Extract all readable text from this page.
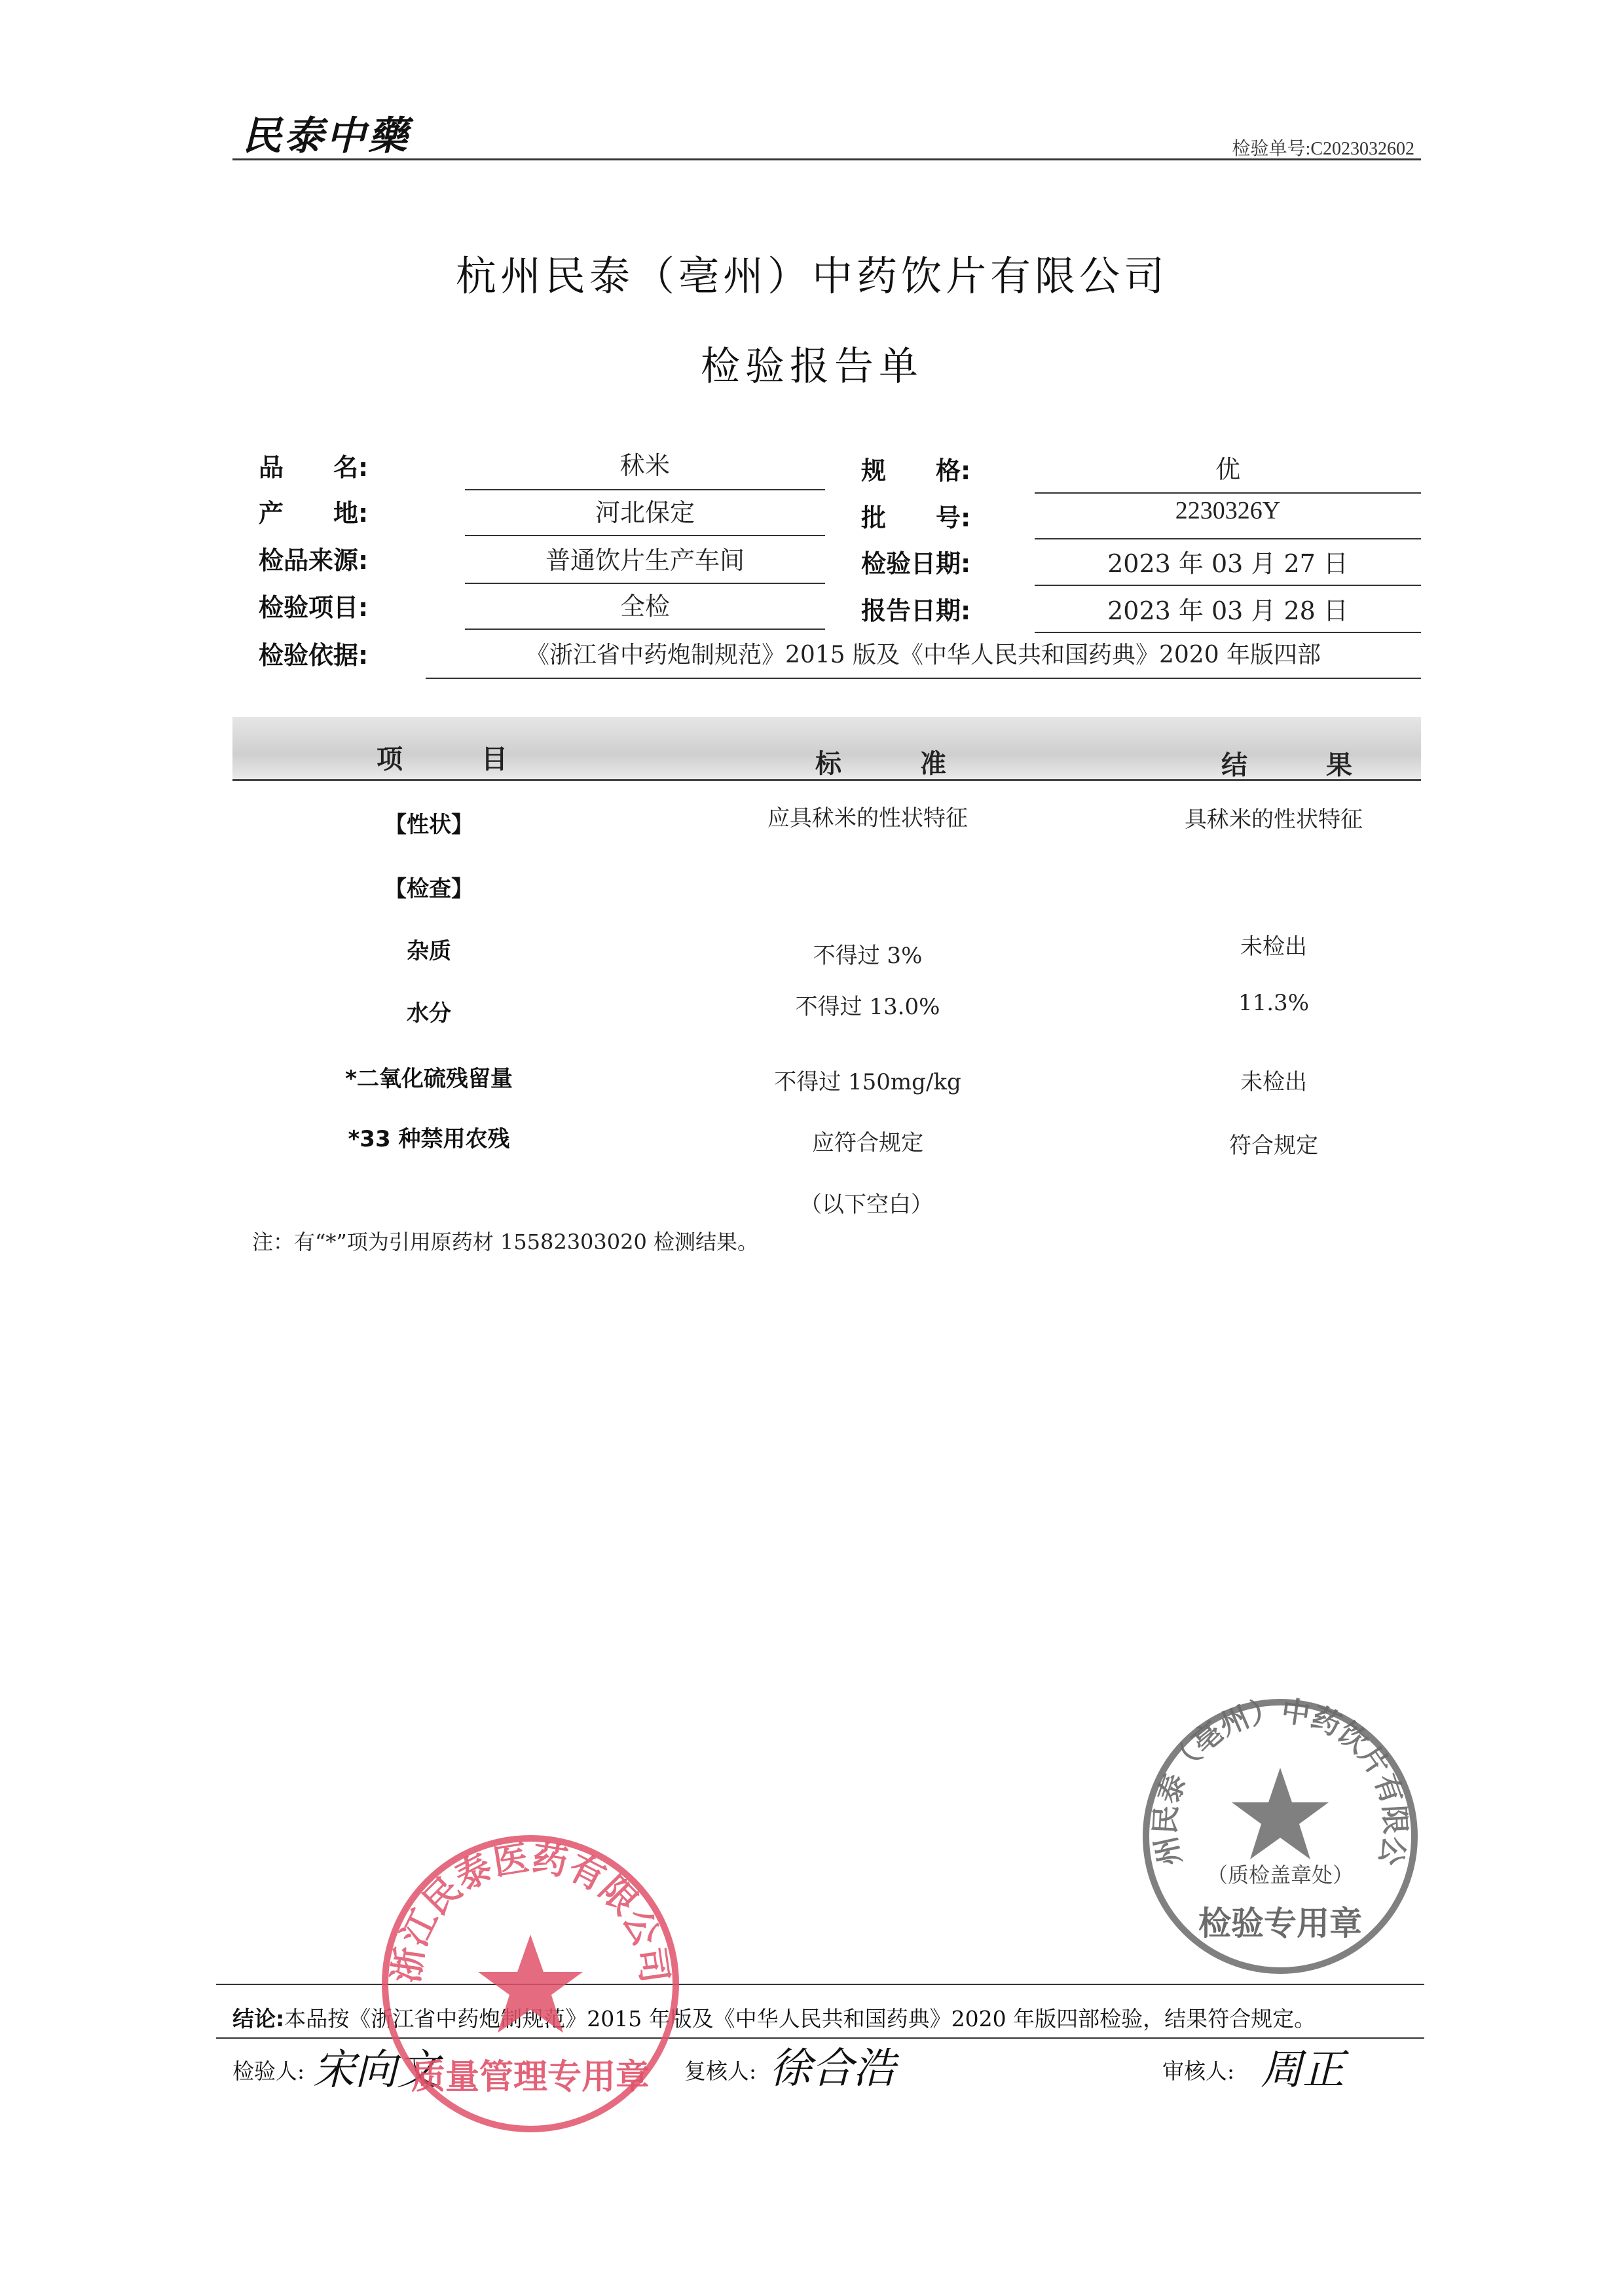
民泰中藥	检验单号:C2023032602
杭州民泰（亳州）中药饮片有限公司
检验报告单
品　　名:	秫米
产　　地:	河北保定
检品来源:	普通饮片生产车间
检验项目:	全检
规　　格:	优
批　　号:	2230326Y
检验日期:	2023 年 03 月 27 日
报告日期:	2023 年 03 月 28 日
检验依据:	《浙江省中药炮制规范》2015 版及《中华人民共和国药典》2020 年版四部
项　目	标　准	结　果
【性状】	应具秫米的性状特征	具秫米的性状特征
【检查】
杂质	不得过 3%	未检出
水分	不得过 13.0%	11.3%
*二氧化硫残留量	不得过 150mg/kg	未检出
*33 种禁用农残	应符合规定	符合规定
（以下空白）
注：有“*”项为引用原药材 15582303020 检测结果。
州民泰（亳州）中药饮片有限公
（质检盖章处）
检验专用章
结论:本品按《浙江省中药炮制规范》2015 年版及《中华人民共和国药典》2020 年版四部检验，结果符合规定。
检验人: 宋向文	复核人: 徐合浩	审核人: 周正
浙江民泰医药有限公司
质量管理专用章
